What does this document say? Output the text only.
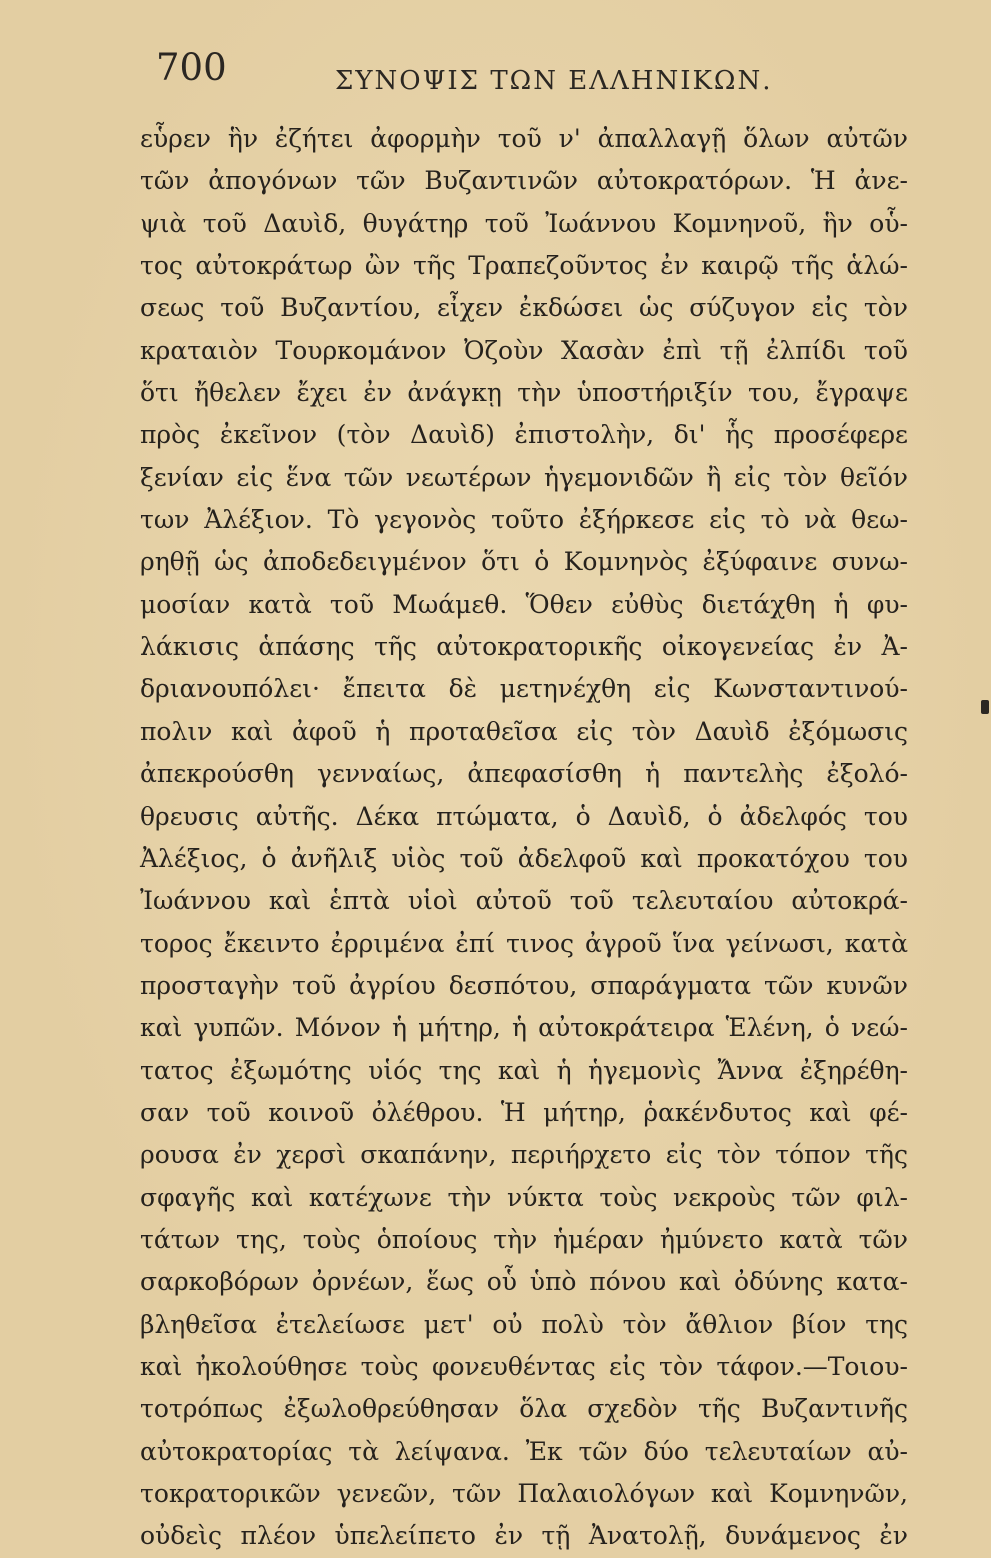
700	ΣΥΝΟΨΙΣ ΤΩΝ ΕΛΛΗΝΙΚΩΝ.
εὗρεν ἣν ἐζήτει ἀφορμὴν τοῦ ν' ἀπαλλαγῇ ὅλων αὐτῶν
τῶν ἀπογόνων τῶν Βυζαντινῶν αὐτοκρατόρων. Ἡ ἀνε-
ψιὰ τοῦ Δαυὶδ, θυγάτηρ τοῦ Ἰωάννου Κομνηνοῦ, ἣν οὗ-
τος αὐτοκράτωρ ὢν τῆς Τραπεζοῦντος ἐν καιρῷ τῆς ἁλώ-
σεως τοῦ Βυζαντίου, εἶχεν ἐκδώσει ὡς σύζυγον εἰς τὸν
κραταιὸν Τουρκομάνον Ὀζοὺν Χασὰν ἐπὶ τῇ ἐλπίδι τοῦ
ὅτι ἤθελεν ἔχει ἐν ἀνάγκῃ τὴν ὑποστήριξίν του, ἔγραψε
πρὸς ἐκεῖνον (τὸν Δαυὶδ) ἐπιστολὴν, δι' ἧς προσέφερε
ξενίαν εἰς ἕνα τῶν νεωτέρων ἡγεμονιδῶν ἢ εἰς τὸν θεῖόν
των Ἀλέξιον. Τὸ γεγονὸς τοῦτο ἐξήρκεσε εἰς τὸ νὰ θεω-
ρηθῇ ὡς ἀποδεδειγμένον ὅτι ὁ Κομνηνὸς ἐξύφαινε συνω-
μοσίαν κατὰ τοῦ Μωάμεθ. Ὅθεν εὐθὺς διετάχθη ἡ φυ-
λάκισις ἁπάσης τῆς αὐτοκρατορικῆς οἰκογενείας ἐν Ἀ-
δριανουπόλει· ἔπειτα δὲ μετηνέχθη εἰς Κωνσταντινού-
πολιν καὶ ἀφοῦ ἡ προταθεῖσα εἰς τὸν Δαυὶδ ἐξόμωσις
ἀπεκρούσθη γενναίως, ἀπεφασίσθη ἡ παντελὴς ἐξολό-
θρευσις αὐτῆς. Δέκα πτώματα, ὁ Δαυὶδ, ὁ ἀδελφός του
Ἀλέξιος, ὁ ἀνῆλιξ υἱὸς τοῦ ἀδελφοῦ καὶ προκατόχου του
Ἰωάννου καὶ ἑπτὰ υἱοὶ αὐτοῦ τοῦ τελευταίου αὐτοκρά-
τορος ἔκειντο ἐρριμένα ἐπί τινος ἀγροῦ ἵνα γείνωσι, κατὰ
προσταγὴν τοῦ ἀγρίου δεσπότου, σπαράγματα τῶν κυνῶν
καὶ γυπῶν. Μόνον ἡ μήτηρ, ἡ αὐτοκράτειρα Ἑλένη, ὁ νεώ-
τατος ἐξωμότης υἱός της καὶ ἡ ἡγεμονὶς Ἄννα ἐξηρέθη-
σαν τοῦ κοινοῦ ὀλέθρου. Ἡ μήτηρ, ῥακένδυτος καὶ φέ-
ρουσα ἐν χερσὶ σκαπάνην, περιήρχετο εἰς τὸν τόπον τῆς
σφαγῆς καὶ κατέχωνε τὴν νύκτα τοὺς νεκροὺς τῶν φιλ-
τάτων της, τοὺς ὁποίους τὴν ἡμέραν ἠμύνετο κατὰ τῶν
σαρκοβόρων ὀρνέων, ἕως οὗ ὑπὸ πόνου καὶ ὀδύνης κατα-
βληθεῖσα ἐτελείωσε μετ' οὐ πολὺ τὸν ἄθλιον βίον της
καὶ ἠκολούθησε τοὺς φονευθέντας εἰς τὸν τάφον.—Τοιου-
τοτρόπως ἐξωλοθρεύθησαν ὅλα σχεδὸν τῆς Βυζαντινῆς
αὐτοκρατορίας τὰ λείψανα. Ἐκ τῶν δύο τελευταίων αὐ-
τοκρατορικῶν γενεῶν, τῶν Παλαιολόγων καὶ Κομνηνῶν,
οὐδεὶς πλέον ὑπελείπετο ἐν τῇ Ἀνατολῇ, δυνάμενος ἐν
